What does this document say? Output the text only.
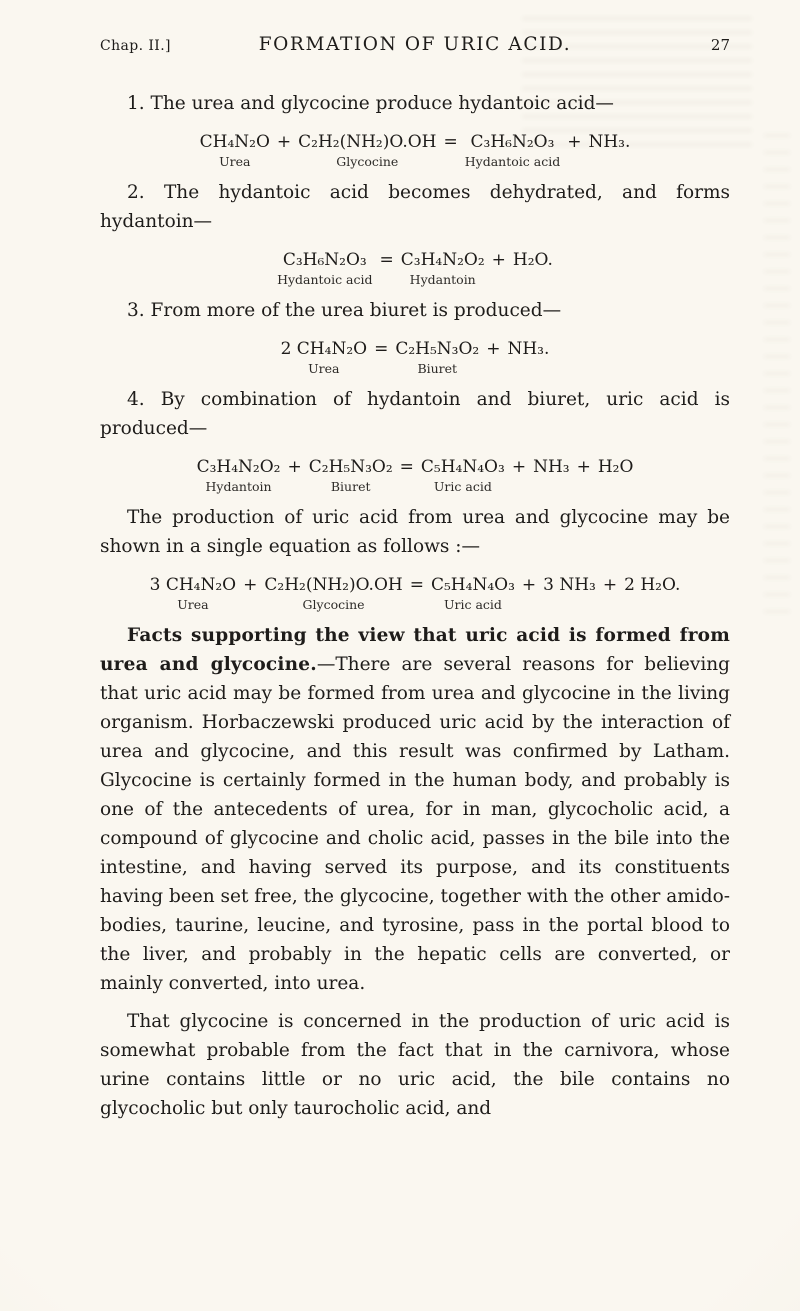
Chap. II.]	FORMATION OF URIC ACID.	27

1. The urea and glycocine produce hydantoic acid—

CH₄N₂O
Urea
+ C₂H₂(NH₂)O.OH
Glycocine
= C₃H₆N₂O₃
Hydantoic acid
+ NH₃.

2. The hydantoic acid becomes dehydrated, and forms hydantoin—

C₃H₆N₂O₃
Hydantoic acid
= C₃H₄N₂O₂
Hydantoin
+ H₂O.

3. From more of the urea biuret is produced—

2 CH₄N₂O
Urea
= C₂H₅N₃O₂
Biuret
+ NH₃.

4. By combination of hydantoin and biuret, uric acid is produced—

C₃H₄N₂O₂
Hydantoin
+ C₂H₅N₃O₂
Biuret
= C₅H₄N₄O₃
Uric acid
+ NH₃ + H₂O

The production of uric acid from urea and glycocine may be shown in a single equation as follows :—

3 CH₄N₂O
Urea
+ C₂H₂(NH₂)O.OH
Glycocine
= C₅H₄N₄O₃
Uric acid
+ 3 NH₃ + 2 H₂O.

Facts supporting the view that uric acid is formed from urea and glycocine.—There are several reasons for believing that uric acid may be formed from urea and glycocine in the living organism. Horbaczewski produced uric acid by the interaction of urea and glycocine, and this result was confirmed by Latham. Glycocine is certainly formed in the human body, and probably is one of the antecedents of urea, for in man, glycocholic acid, a compound of glycocine and cholic acid, passes in the bile into the intestine, and having served its purpose, and its constituents having been set free, the glycocine, together with the other amido-bodies, taurine, leucine, and tyrosine, pass in the portal blood to the liver, and probably in the hepatic cells are converted, or mainly converted, into urea.

That glycocine is concerned in the production of uric acid is somewhat probable from the fact that in the carnivora, whose urine contains little or no uric acid, the bile contains no glycocholic but only taurocholic acid, and
